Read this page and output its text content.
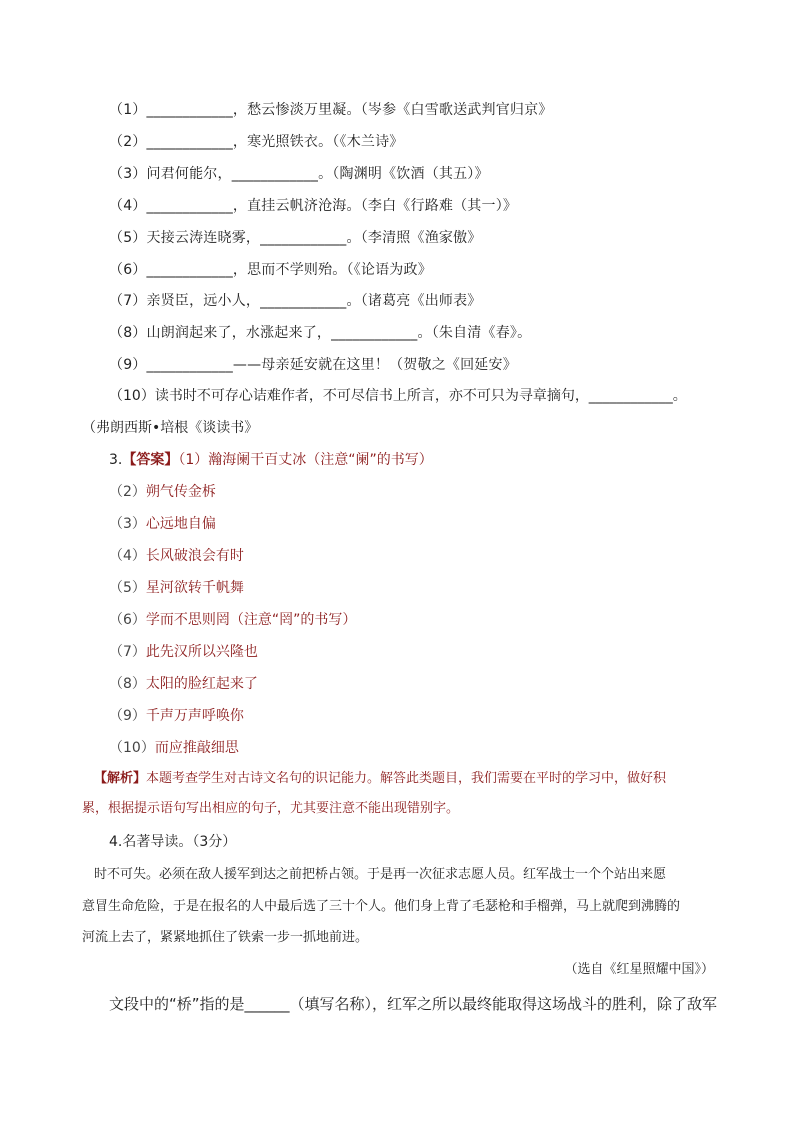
（1）____________，愁云惨淡万里凝。（岑参《白雪歌送武判官归京》
（2）____________，寒光照铁衣。（《木兰诗》
（3）问君何能尔，____________。（陶渊明《饮酒（其五）》
（4）____________，直挂云帆济沧海。（李白《行路难（其一）》
（5）天接云涛连晓雾，____________。（李清照《渔家傲》
（6）____________，思而不学则殆。（《论语为政》
（7）亲贤臣，远小人，____________。（诸葛亮《出师表》
（8）山朗润起来了，水涨起来了，____________。（朱自清《春》。
（9）____________——母亲延安就在这里！（贺敬之《回延安》
（10）读书时不可存心诘难作者，不可尽信书上所言，亦不可只为寻章摘句，____________。
（弗朗西斯•培根《谈读书》
3.【答案】（1）瀚海阑干百丈冰（注意“阑”的书写）
（2）朔气传金柝
（3）心远地自偏
（4）长风破浪会有时
（5）星河欲转千帆舞
（6）学而不思则罔（注意“罔”的书写）
（7）此先汉所以兴隆也
（8）太阳的脸红起来了
（9）千声万声呼唤你
（10）而应推敲细思
【解析】本题考查学生对古诗文名句的识记能力。解答此类题目，我们需要在平时的学习中，做好积
累，根据提示语句写出相应的句子，尤其要注意不能出现错别字。
4.名著导读。（3分）
时不可失。必须在敌人援军到达之前把桥占领。于是再一次征求志愿人员。红军战士一个个站出来愿
意冒生命危险，于是在报名的人中最后选了三十个人。他们身上背了毛瑟枪和手榴弹，马上就爬到沸腾的
河流上去了，紧紧地抓住了铁索一步一抓地前进。
（选自《红星照耀中国》）
文段中的“桥”指的是______（填写名称），红军之所以最终能取得这场战斗的胜利，除了敌军
